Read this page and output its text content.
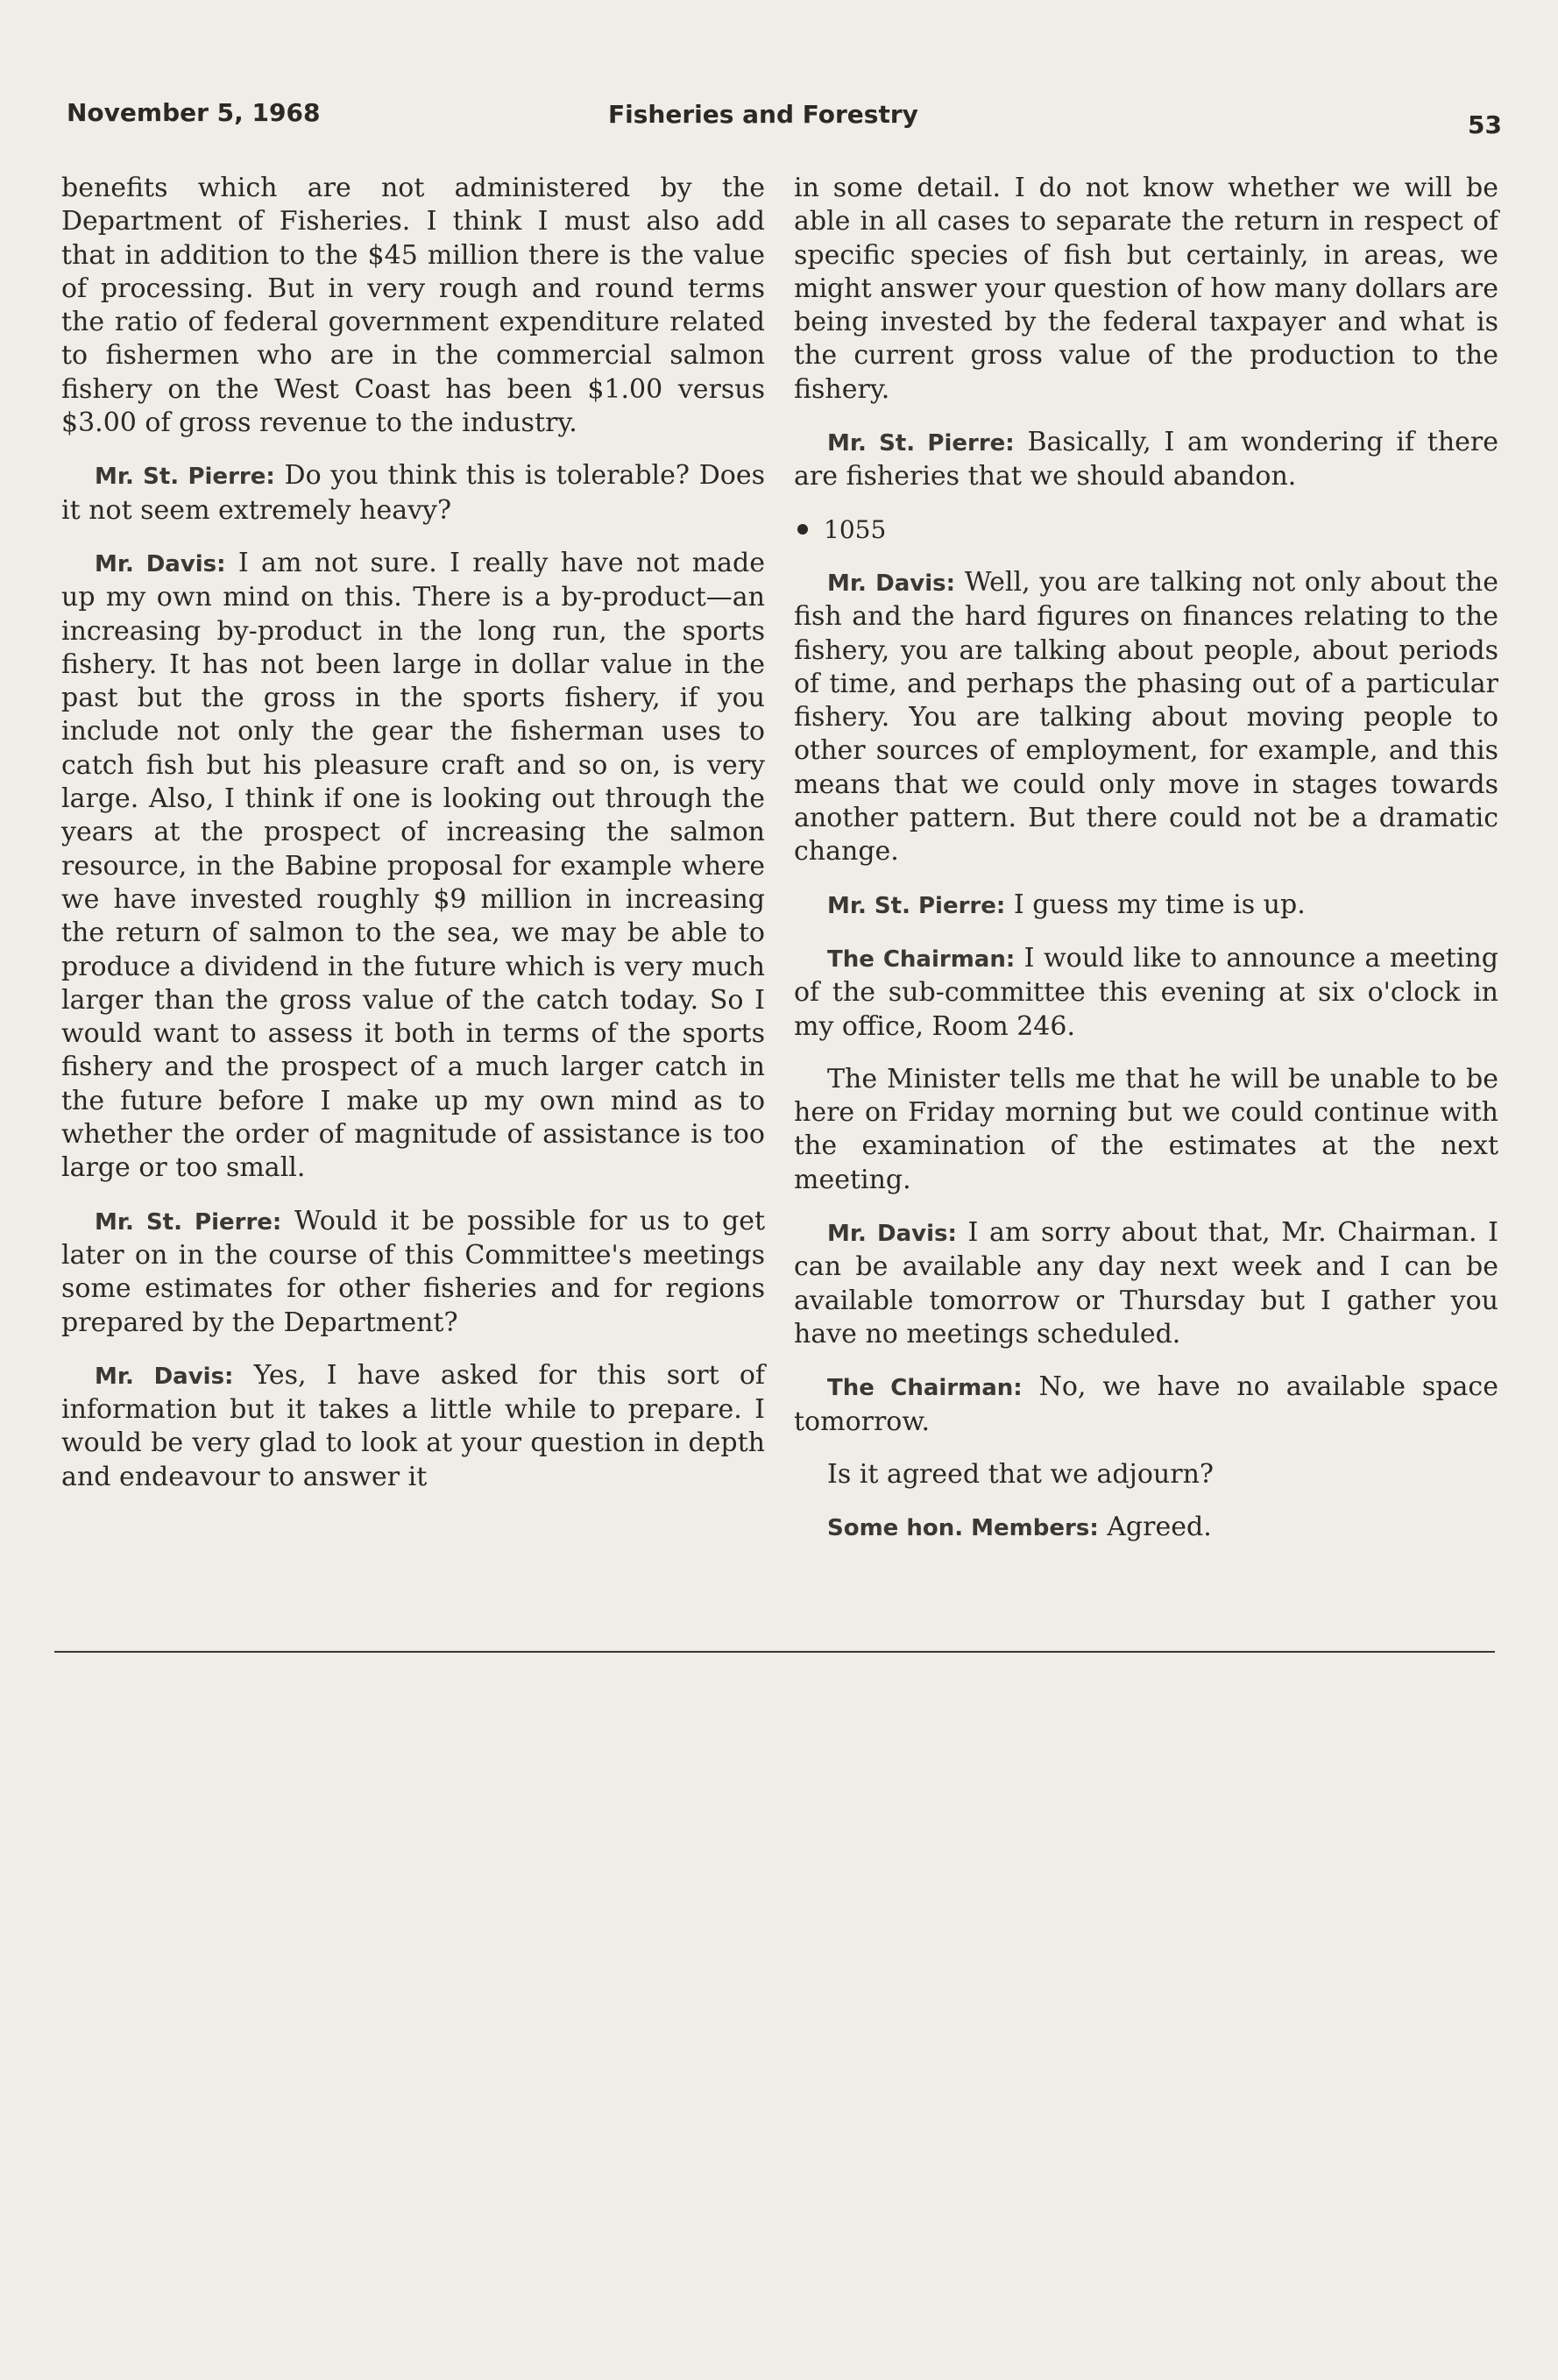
November 5, 1968	Fisheries and Forestry	53

benefits which are not administered by the Department of Fisheries. I think I must also add that in addition to the $45 million there is the value of processing. But in very rough and round terms the ratio of federal government expenditure related to fishermen who are in the commercial salmon fishery on the West Coast has been $1.00 versus $3.00 of gross revenue to the industry.

Mr. St. Pierre: Do you think this is tolerable? Does it not seem extremely heavy?

Mr. Davis: I am not sure. I really have not made up my own mind on this. There is a by-product—an increasing by-product in the long run, the sports fishery. It has not been large in dollar value in the past but the gross in the sports fishery, if you include not only the gear the fisherman uses to catch fish but his pleasure craft and so on, is very large. Also, I think if one is looking out through the years at the prospect of increasing the salmon resource, in the Babine proposal for example where we have invested roughly $9 million in increasing the return of salmon to the sea, we may be able to produce a dividend in the future which is very much larger than the gross value of the catch today. So I would want to assess it both in terms of the sports fishery and the prospect of a much larger catch in the future before I make up my own mind as to whether the order of magnitude of assistance is too large or too small.

Mr. St. Pierre: Would it be possible for us to get later on in the course of this Committee's meetings some estimates for other fisheries and for regions prepared by the Department?

Mr. Davis: Yes, I have asked for this sort of information but it takes a little while to prepare. I would be very glad to look at your question in depth and endeavour to answer it

in some detail. I do not know whether we will be able in all cases to separate the return in respect of specific species of fish but certainly, in areas, we might answer your question of how many dollars are being invested by the federal taxpayer and what is the current gross value of the production to the fishery.

Mr. St. Pierre: Basically, I am wondering if there are fisheries that we should abandon.

1055

Mr. Davis: Well, you are talking not only about the fish and the hard figures on finances relating to the fishery, you are talking about people, about periods of time, and perhaps the phasing out of a particular fishery. You are talking about moving people to other sources of employment, for example, and this means that we could only move in stages towards another pattern. But there could not be a dramatic change.

Mr. St. Pierre: I guess my time is up.

The Chairman: I would like to announce a meeting of the sub-committee this evening at six o'clock in my office, Room 246.

The Minister tells me that he will be unable to be here on Friday morning but we could continue with the examination of the estimates at the next meeting.

Mr. Davis: I am sorry about that, Mr. Chairman. I can be available any day next week and I can be available tomorrow or Thursday but I gather you have no meetings scheduled.

The Chairman: No, we have no available space tomorrow.

Is it agreed that we adjourn?

Some hon. Members: Agreed.
